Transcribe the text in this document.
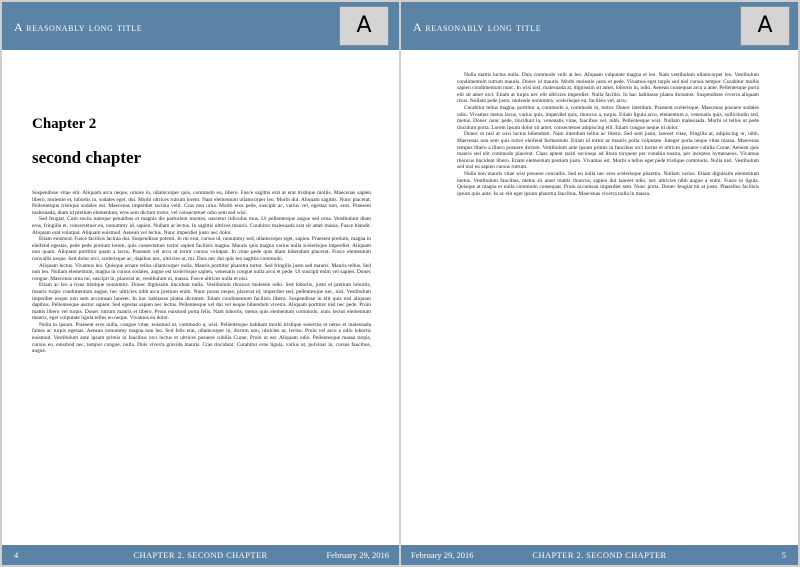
A reasonably long title	A
Chapter 2
second chapter

Suspendisse vitae elit. Aliquam arcu neque, ornare in, ullamcorper quis, commodo eu, libero. Fusce sagittis erat at erat tristique mollis. Maecenas sapien libero, molestie et, lobortis in, sodales eget, dui. Morbi ultrices rutrum lorem. Nam elementum ullamcorper leo. Morbi dui. Aliquam sagittis. Nunc placerat. Pellentesque tristique sodales est. Maecenas imperdiet lacinia velit. Cras non urna. Morbi eros pede, suscipit ac, varius vel, egestas non, eros. Praesent malesuada, diam id pretium elementum, eros sem dictum tortor, vel consectetuer odio sem sed wisi.

Sed feugiat. Cum sociis natoque penatibus et magnis dis parturient montes, nascetur ridiculus mus. Ut pellentesque augue sed urna. Vestibulum diam eros, fringilla et, consectetuer eu, nonummy id, sapien. Nullam at lectus. In sagittis ultrices mauris. Curabitur malesuada erat sit amet massa. Fusce blandit. Aliquam erat volutpat. Aliquam euismod. Aenean vel lectus. Nunc imperdiet justo nec dolor.

Etiam euismod. Fusce facilisis lacinia dui. Suspendisse potenti. In mi erat, cursus id, nonummy sed, ullamcorper eget, sapien. Praesent pretium, magna in eleifend egestas, pede pede pretium lorem, quis consectetuer tortor sapien facilisis magna. Mauris quis magna varius nulla scelerisque imperdiet. Aliquam non quam. Aliquam porttitor quam a lacus. Praesent vel arcu ut tortor cursus volutpat. In vitae pede quis diam bibendum placerat. Fusce elementum convallis neque. Sed dolor orci, scelerisque ac, dapibus nec, ultricies ut, mi. Duis nec dui quis leo sagittis commodo.

Aliquam lectus. Vivamus leo. Quisque ornare tellus ullamcorper nulla. Mauris porttitor pharetra tortor. Sed fringilla justo sed mauris. Mauris tellus. Sed non leo. Nullam elementum, magna in cursus sodales, augue est scelerisque sapien, venenatis congue nulla arcu et pede. Ut suscipit enim vel sapien. Donec congue. Maecenas urna mi, suscipit in, placerat ut, vestibulum ut, massa. Fusce ultrices nulla et nisl.

Etiam ac leo a risus tristique nonummy. Donec dignissim tincidunt nulla. Vestibulum rhoncus molestie odio. Sed lobortis, justo et pretium lobortis, mauris turpis condimentum augue, nec ultricies nibh arcu pretium enim. Nunc purus neque, placerat id, imperdiet sed, pellentesque nec, nisl. Vestibulum imperdiet neque non sem accumsan laoreet. In hac habitasse platea dictumst. Etiam condimentum facilisis libero. Suspendisse in elit quis nisl aliquam dapibus. Pellentesque auctor sapien. Sed egestas sapien nec lectus. Pellentesque vel dui vel neque bibendum viverra. Aliquam porttitor nisl nec pede. Proin mattis libero vel turpis. Donec rutrum mauris et libero. Proin euismod porta felis. Nam lobortis, metus quis elementum commodo, nunc lectus elementum mauris, eget vulputate ligula tellus eu neque. Vivamus eu dolor.

Nulla in ipsum. Praesent eros nulla, congue vitae, euismod ut, commodo a, wisi. Pellentesque habitant morbi tristique senectus et netus et malesuada fames ac turpis egestas. Aenean nonummy magna non leo. Sed felis erat, ullamcorper in, dictum non, ultricies ut, lectus. Proin vel arcu a odio lobortis euismod. Vestibulum ante ipsum primis in faucibus orci luctus et ultrices posuere cubilia Curae; Proin ut est. Aliquam odio. Pellentesque massa turpis, cursus eu, euismod nec, tempor congue, nulla. Duis viverra gravida mauris. Cras tincidunt. Curabitur eros ligula, varius ut, pulvinar in, cursus faucibus, augue.

CHAPTER 2. SECOND CHAPTER
4	February 29, 2016
A reasonably long title	A

Nulla mattis luctus nulla. Duis commodo velit at leo. Aliquam vulputate magna et leo. Nam vestibulum ullamcorper leo. Vestibulum condimentum rutrum mauris. Donec id mauris. Morbi molestie justo et pede. Vivamus eget turpis sed nisl cursus tempor. Curabitur mollis sapien condimentum nunc. In wisi nisl, malesuada at, dignissim sit amet, lobortis in, odio. Aenean consequat arcu a ante. Pellentesque porta elit sit amet orci. Etiam at turpis nec elit ultricies imperdiet. Nulla facilisi. In hac habitasse platea dictumst. Suspendisse viverra aliquam risus. Nullam pede justo, molestie nonummy, scelerisque eu, facilisis vel, arcu.

Curabitur tellus magna, porttitor a, commodo a, commodo in, tortor. Donec interdum. Praesent scelerisque. Maecenas posuere sodales odio. Vivamus metus lacus, varius quis, imperdiet quis, rhoncus a, turpis. Etiam ligula arcu, elementum a, venenatis quis, sollicitudin sed, metus. Donec nunc pede, tincidunt in, venenatis vitae, faucibus vel, nibh. Pellentesque wisi. Nullam malesuada. Morbi ut tellus ut pede tincidunt porta. Lorem ipsum dolor sit amet, consectetuer adipiscing elit. Etiam congue neque id dolor.

Donec et nisl at wisi luctus bibendum. Nam interdum tellus ac libero. Sed sem justo, laoreet vitae, fringilla at, adipiscing ut, nibh. Maecenas non sem quis tortor eleifend fermentum. Etiam id tortor ac mauris porta vulputate. Integer porta neque vitae massa. Maecenas tempus libero a libero posuere dictum. Vestibulum ante ipsum primis in faucibus orci luctus et ultrices posuere cubilia Curae; Aenean quis mauris sed elit commodo placerat. Class aptent taciti sociosqu ad litora torquent per conubia nostra, per inceptos hymenaeos. Vivamus rhoncus tincidunt libero. Etiam elementum pretium justo. Vivamus est. Morbi a tellus eget pede tristique commodo. Nulla nisl. Vestibulum sed nisl eu sapien cursus rutrum.

Nulla non mauris vitae wisi posuere convallis. Sed eu nulla nec eros scelerisque pharetra. Nullam varius. Etiam dignissim elementum metus. Vestibulum faucibus, metus sit amet mattis rhoncus, sapien dui laoreet odio, nec ultricies nibh augue a enim. Fusce in ligula. Quisque at magna et nulla commodo consequat. Proin accumsan imperdiet sem. Nunc porta. Donec feugiat mi at justo. Phasellus facilisis ipsum quis ante. In ac elit eget ipsum pharetra faucibus. Maecenas viverra nulla in massa.

CHAPTER 2. SECOND CHAPTER
February 29, 2016	5
